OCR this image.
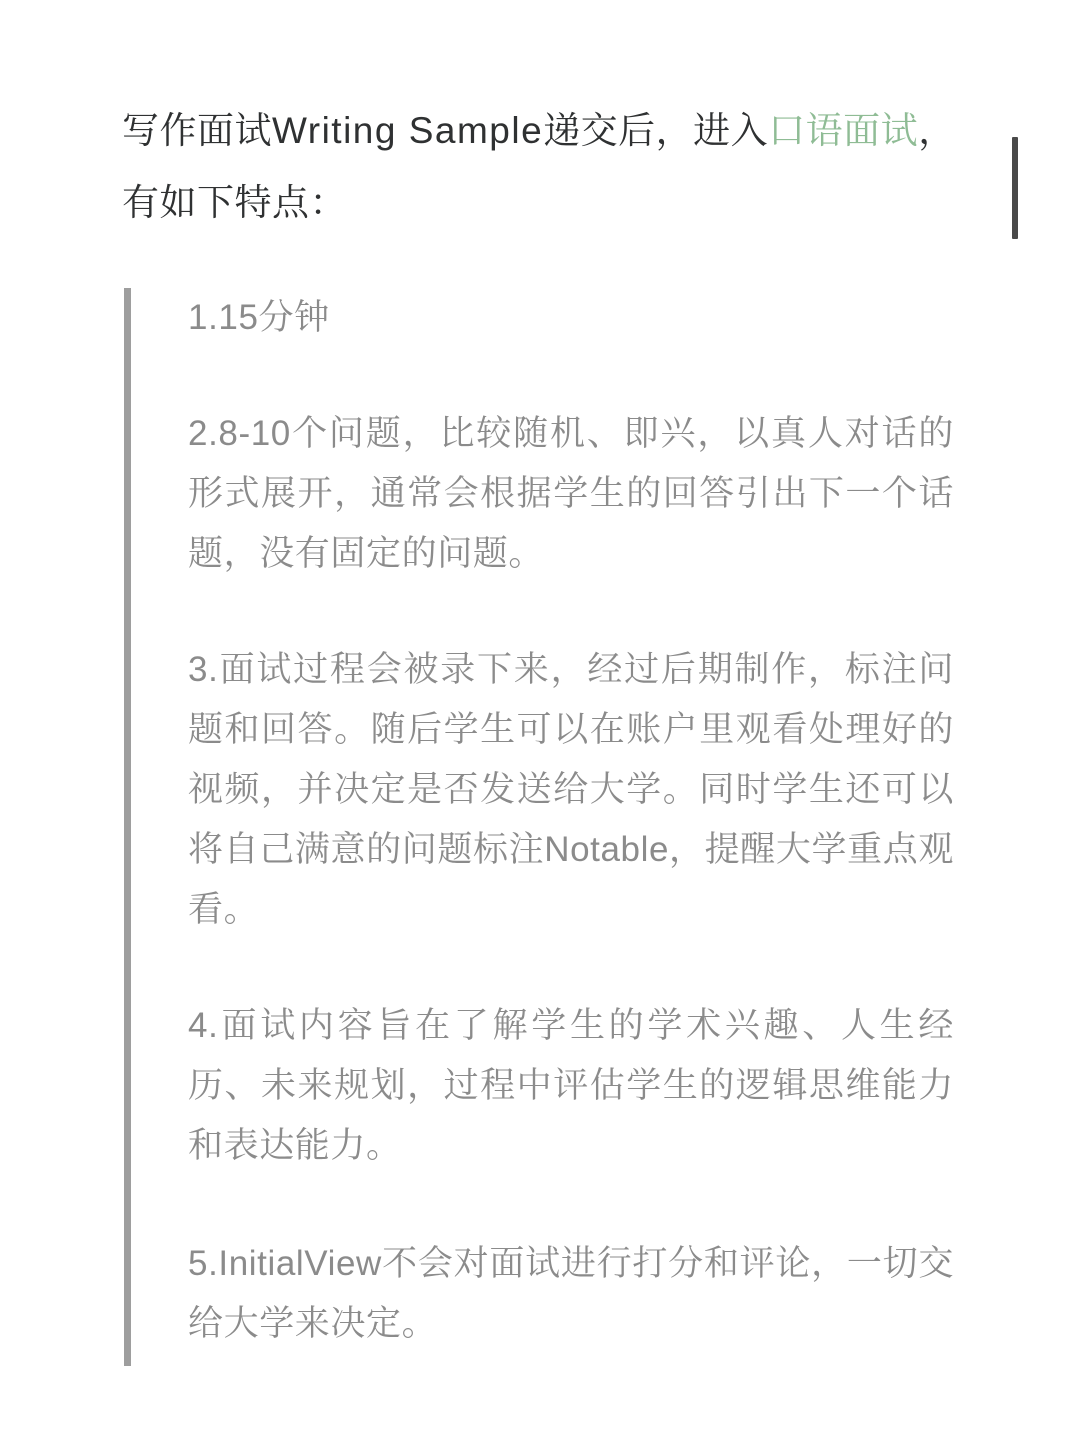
写作面试Writing Sample递交后，进入口语面试，有如下特点：

1.15分钟

2.8-10个问题，比较随机、即兴，以真人对话的形式展开，通常会根据学生的回答引出下一个话题，没有固定的问题。

3.面试过程会被录下来，经过后期制作，标注问题和回答。随后学生可以在账户里观看处理好的视频，并决定是否发送给大学。同时学生还可以将自己满意的问题标注Notable，提醒大学重点观看。

4.面试内容旨在了解学生的学术兴趣、人生经历、未来规划，过程中评估学生的逻辑思维能力和表达能力。

5.InitialView不会对面试进行打分和评论，一切交给大学来决定。
